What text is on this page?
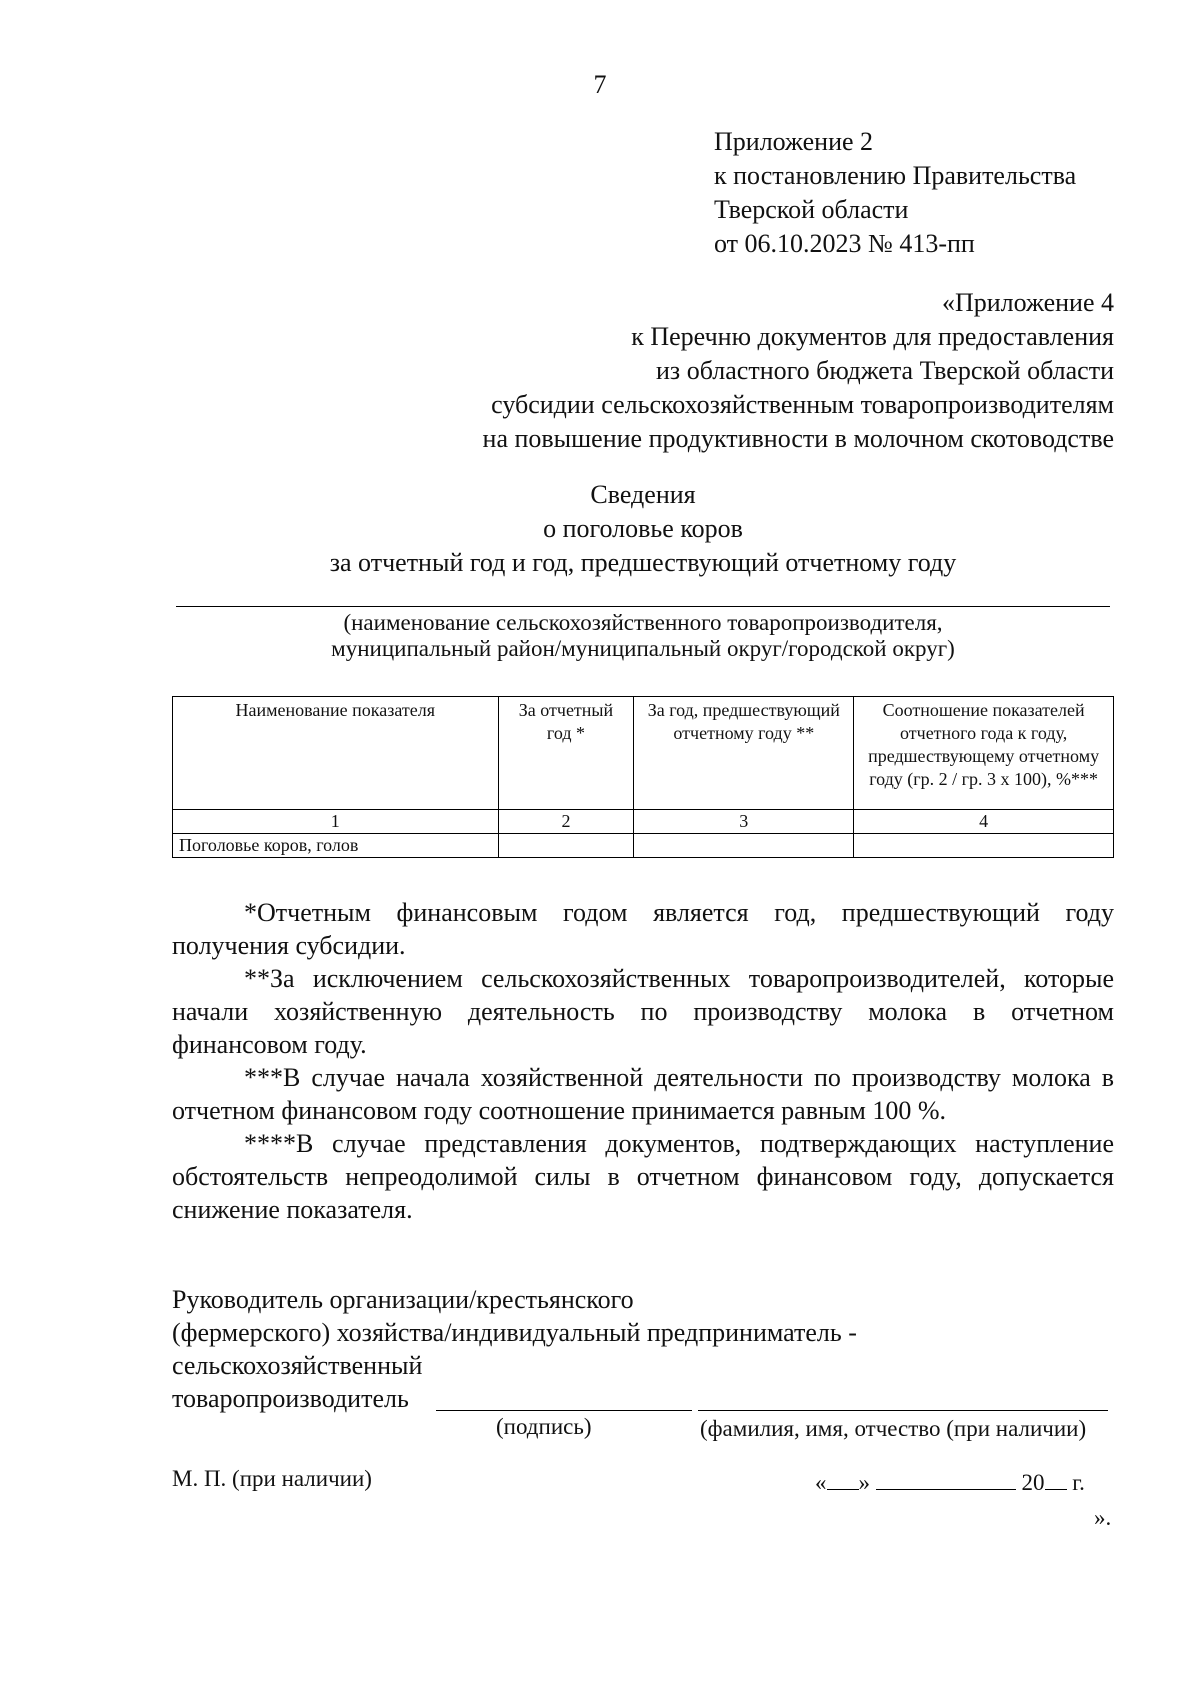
7
Приложение 2
к постановлению Правительства
Тверской области
от 06.10.2023 № 413-пп
«Приложение 4
к Перечню документов для предоставления
из областного бюджета Тверской области
субсидии сельскохозяйственным товаропроизводителям
на повышение продуктивности в молочном скотоводстве
Сведения
о поголовье коров
за отчетный год и год, предшествующий отчетному году
(наименование сельскохозяйственного товаропроизводителя,
муниципальный район/муниципальный округ/городской округ)
Наименование показателя	За отчетный год *	За год, предшествующий отчетному году **	Соотношение показателей отчетного года к году, предшествующему отчетному году (гр. 2 / гр. 3 х 100), %***
1	2	3	4
Поголовье коров, голов			

*Отчетным финансовым годом является год, предшествующий году получения субсидии.

**За исключением сельскохозяйственных товаропроизводителей, которые начали хозяйственную деятельность по производству молока в отчетном финансовом году.

***В случае начала хозяйственной деятельности по производству молока в отчетном финансовом году соотношение принимается равным 100 %.

****В случае представления документов, подтверждающих наступление обстоятельств непреодолимой силы в отчетном финансовом году, допускается снижение показателя.

Руководитель организации/крестьянского
(фермерского) хозяйства/индивидуальный предприниматель -
сельскохозяйственный
товаропроизводитель
(подпись)	(фамилия, имя, отчество (при наличии)
М. П. (при наличии)	« »	20 г.
».
